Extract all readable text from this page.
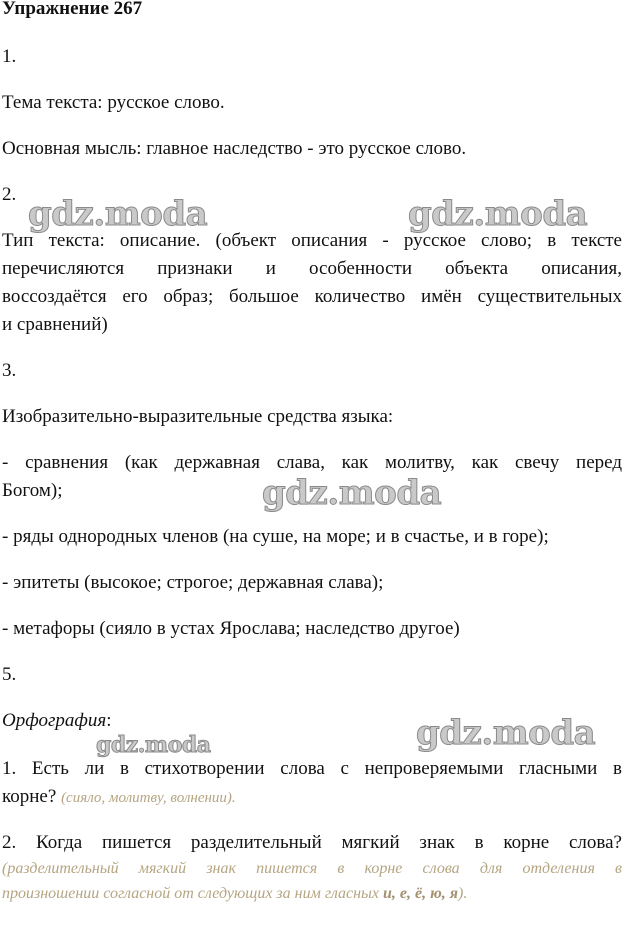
Упражнение 267
1.
Тема текста: русское слово.
Основная мысль: главное наследство - это русское слово.
2.
Тип текста: описание. (объект описания - русское слово; в тексте
перечисляются признаки и особенности объекта описания,
воссоздаётся его образ; большое количество имён существительных
и сравнений)
3.
Изобразительно-выразительные средства языка:
- сравнения (как державная слава, как молитву, как свечу перед
Богом);
- ряды однородных членов (на суше, на море; и в счастье, и в горе);
- эпитеты (высокое; строгое; державная слава);
- метафоры (сияло в устах Ярослава; наследство другое)
5.
Орфография:
1. Есть ли в стихотворении слова с непроверяемыми гласными в
корне? (сияло, молитву, волнении).
2. Когда пишется разделительный мягкий знак в корне слова?
(разделительный мягкий знак пишется в корне слова для отделения в
произношении согласной от следующих за ним гласных и, е, ё, ю, я).
gdz.moda	gdz.moda
gdz.moda
gdz.moda
gdz.moda
